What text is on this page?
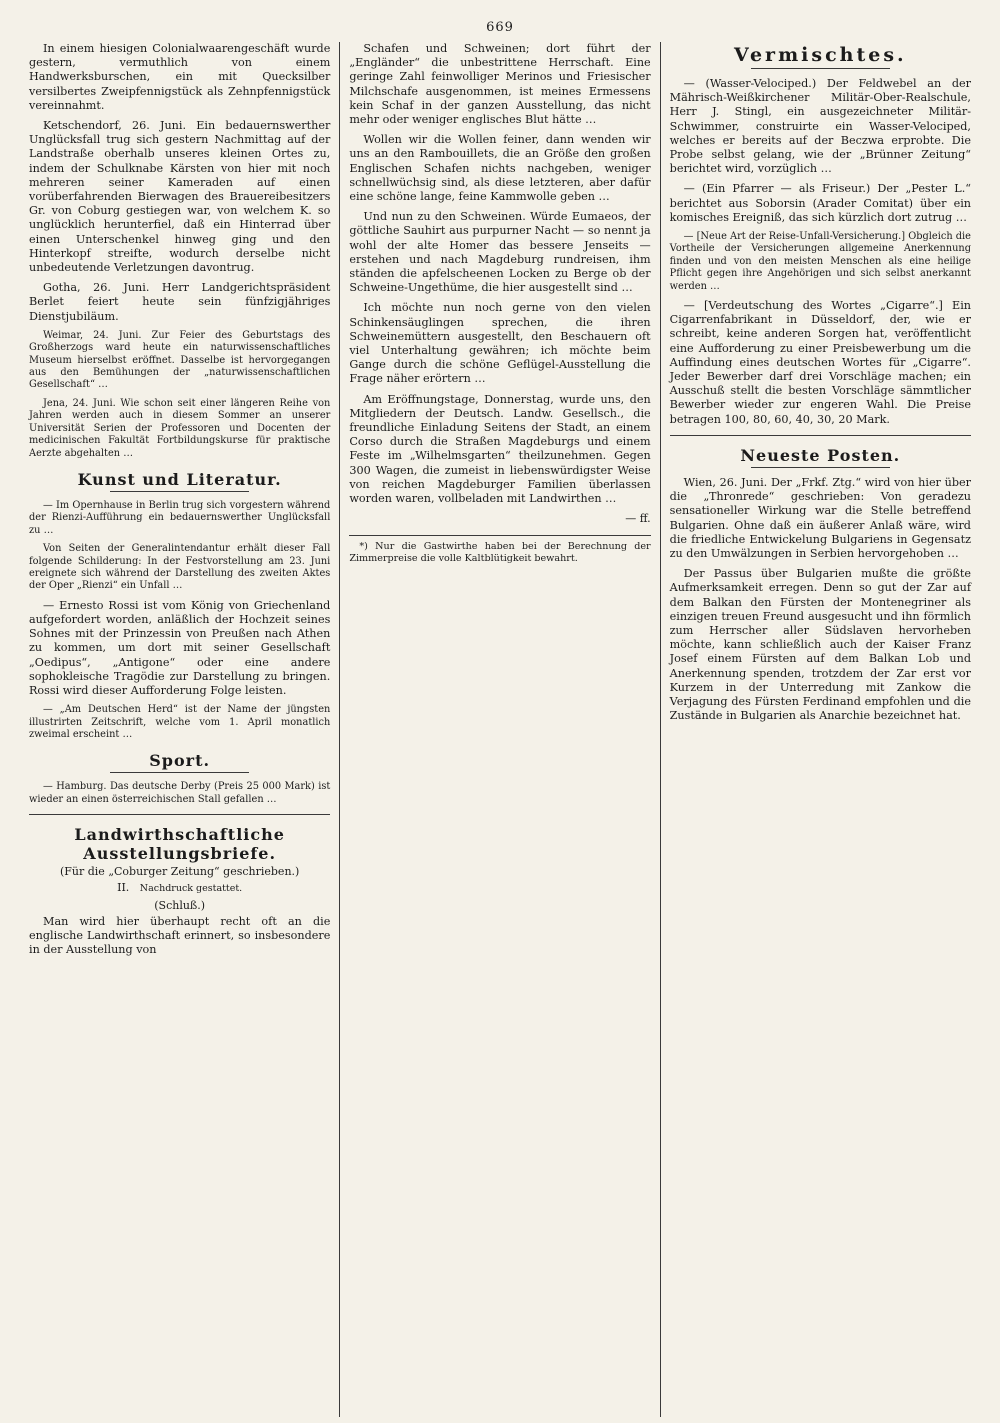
669

In einem hiesigen Colonialwaarengeschäft wurde gestern, vermuthlich von einem Handwerksburschen, ein mit Quecksilber versilbertes Zweipfennigstück als Zehnpfennigstück vereinnahmt.

Ketschendorf, 26. Juni. Ein bedauernswerther Unglücksfall trug sich gestern Nachmittag auf der Landstraße oberhalb unseres kleinen Ortes zu, indem der Schulknabe Kärsten von hier mit noch mehreren seiner Kameraden auf einen vorüberfahrenden Bierwagen des Brauereibesitzers Gr. von Coburg gestiegen war, von welchem K. so unglücklich herunterfiel, daß ein Hinterrad über einen Unterschenkel hinweg ging und den Hinterkopf streifte, wodurch derselbe nicht unbedeutende Verletzungen davontrug.

Gotha, 26. Juni. Herr Landgerichtspräsident Berlet feiert heute sein fünfzigjähriges Dienstjubiläum.

Weimar, 24. Juni. Zur Feier des Geburtstags des Großherzogs ward heute ein naturwissenschaftliches Museum hierselbst eröffnet. Dasselbe ist hervorgegangen aus den Bemühungen der „naturwissenschaftlichen Gesellschaft“ …

Jena, 24. Juni. Wie schon seit einer längeren Reihe von Jahren werden auch in diesem Sommer an unserer Universität Serien der Professoren und Docenten der medicinischen Fakultät Fortbildungskurse für praktische Aerzte abgehalten …

Kunst und Literatur.

— Im Opernhause in Berlin trug sich vorgestern während der Rienzi-Aufführung ein bedauernswerther Unglücksfall zu …

Von Seiten der Generalintendantur erhält dieser Fall folgende Schilderung: In der Festvorstellung am 23. Juni ereignete sich während der Darstellung des zweiten Aktes der Oper „Rienzi“ ein Unfall …

— Ernesto Rossi ist vom König von Griechenland aufgefordert worden, anläßlich der Hochzeit seines Sohnes mit der Prinzessin von Preußen nach Athen zu kommen, um dort mit seiner Gesellschaft „Oedipus“, „Antigone“ oder eine andere sophokleische Tragödie zur Darstellung zu bringen. Rossi wird dieser Aufforderung Folge leisten.

— „Am Deutschen Herd“ ist der Name der jüngsten illustrirten Zeitschrift, welche vom 1. April monatlich zweimal erscheint …

Sport.

— Hamburg. Das deutsche Derby (Preis 25 000 Mark) ist wieder an einen österreichischen Stall gefallen …

Landwirthschaftliche Ausstellungsbriefe.

(Für die „Coburger Zeitung“ geschrieben.)

II. Nachdruck gestattet.

(Schluß.)

Man wird hier überhaupt recht oft an die englische Landwirthschaft erinnert, so insbesondere in der Ausstellung von

Schafen und Schweinen; dort führt der „Engländer“ die unbestrittene Herrschaft. Eine geringe Zahl feinwolliger Merinos und Friesischer Milchschafe ausgenommen, ist meines Ermessens kein Schaf in der ganzen Ausstellung, das nicht mehr oder weniger englisches Blut hätte …

Wollen wir die Wollen feiner, dann wenden wir uns an den Rambouillets, die an Größe den großen Englischen Schafen nichts nachgeben, weniger schnellwüchsig sind, als diese letzteren, aber dafür eine schöne lange, feine Kammwolle geben …

Und nun zu den Schweinen. Würde Eumaeos, der göttliche Sauhirt aus purpurner Nacht — so nennt ja wohl der alte Homer das bessere Jenseits — erstehen und nach Magdeburg rundreisen, ihm ständen die apfelscheenen Locken zu Berge ob der Schweine-Ungethüme, die hier ausgestellt sind …

Ich möchte nun noch gerne von den vielen Schinkensäuglingen sprechen, die ihren Schweinemüttern ausgestellt, den Beschauern oft viel Unterhaltung gewähren; ich möchte beim Gange durch die schöne Geflügel-Ausstellung die Frage näher erörtern …

Am Eröffnungstage, Donnerstag, wurde uns, den Mitgliedern der Deutsch. Landw. Gesellsch., die freundliche Einladung Seitens der Stadt, an einem Corso durch die Straßen Magdeburgs und einem Feste im „Wilhelmsgarten“ theilzunehmen. Gegen 300 Wagen, die zumeist in liebenswürdigster Weise von reichen Magdeburger Familien überlassen worden waren, vollbeladen mit Landwirthen …

— ff.

*) Nur die Gastwirthe haben bei der Berechnung der Zimmerpreise die volle Kaltblütigkeit bewahrt.

Vermischtes.

— (Wasser-Velociped.) Der Feldwebel an der Mährisch-Weißkirchener Militär-Ober-Realschule, Herr J. Stingl, ein ausgezeichneter Militär-Schwimmer, construirte ein Wasser-Velociped, welches er bereits auf der Beczwa erprobte. Die Probe selbst gelang, wie der „Brünner Zeitung“ berichtet wird, vorzüglich …

— (Ein Pfarrer — als Friseur.) Der „Pester L.“ berichtet aus Soborsin (Arader Comitat) über ein komisches Ereigniß, das sich kürzlich dort zutrug …

— [Neue Art der Reise-Unfall-Versicherung.] Obgleich die Vortheile der Versicherungen allgemeine Anerkennung finden und von den meisten Menschen als eine heilige Pflicht gegen ihre Angehörigen und sich selbst anerkannt werden …

— [Verdeutschung des Wortes „Cigarre“.] Ein Cigarrenfabrikant in Düsseldorf, der, wie er schreibt, keine anderen Sorgen hat, veröffentlicht eine Aufforderung zu einer Preisbewerbung um die Auffindung eines deutschen Wortes für „Cigarre“. Jeder Bewerber darf drei Vorschläge machen; ein Ausschuß stellt die besten Vorschläge sämmtlicher Bewerber wieder zur engeren Wahl. Die Preise betragen 100, 80, 60, 40, 30, 20 Mark.

Neueste Posten.

Wien, 26. Juni. Der „Frkf. Ztg.“ wird von hier über die „Thronrede“ geschrieben: Von geradezu sensationeller Wirkung war die Stelle betreffend Bulgarien. Ohne daß ein äußerer Anlaß wäre, wird die friedliche Entwickelung Bulgariens in Gegensatz zu den Umwälzungen in Serbien hervorgehoben …

Der Passus über Bulgarien mußte die größte Aufmerksamkeit erregen. Denn so gut der Zar auf dem Balkan den Fürsten der Montenegriner als einzigen treuen Freund ausgesucht und ihn förmlich zum Herrscher aller Südslaven hervorheben möchte, kann schließlich auch der Kaiser Franz Josef einem Fürsten auf dem Balkan Lob und Anerkennung spenden, trotzdem der Zar erst vor Kurzem in der Unterredung mit Zankow die Verjagung des Fürsten Ferdinand empfohlen und die Zustände in Bulgarien als Anarchie bezeichnet hat.
